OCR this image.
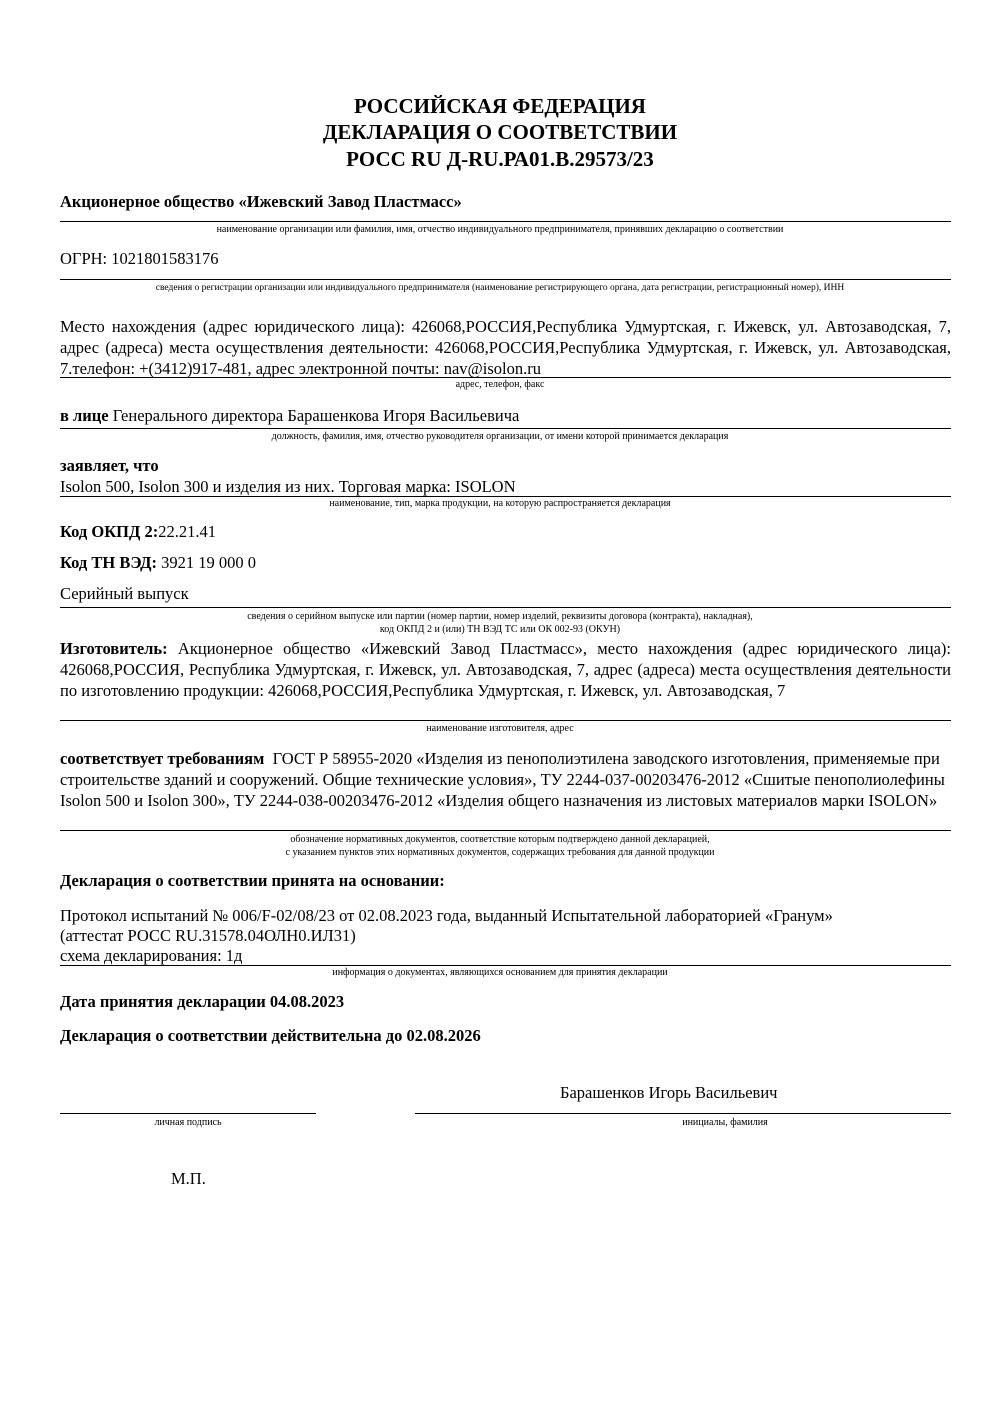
РОССИЙСКАЯ ФЕДЕРАЦИЯ
ДЕКЛАРАЦИЯ О СООТВЕТСТВИИ
РОСС RU Д-RU.РА01.В.29573/23
Акционерное общество «Ижевский Завод Пластмасс»
наименование организации или фамилия, имя, отчество индивидуального предпринимателя, принявших декларацию о соответствии
ОГРН: 1021801583176
сведения о регистрации организации или индивидуального предпринимателя (наименование регистрирующего органа, дата регистрации, регистрационный номер), ИНН
Место нахождения (адрес юридического лица): 426068,РОССИЯ,Республика Удмуртская, г. Ижевск, ул. Автозаводская, 7, адрес (адреса) места осуществления деятельности: 426068,РОССИЯ,Республика Удмуртская, г. Ижевск, ул. Автозаводская, 7.телефон: +(3412)917-481, адрес электронной почты: nav@isolon.ru
адрес, телефон, факс
в лице Генерального директора Барашенкова Игоря Васильевича
должность, фамилия, имя, отчество руководителя организации, от имени которой принимается декларация
заявляет, что
Isolon 500, Isolon 300 и изделия из них. Торговая марка: ISOLON
наименование, тип, марка продукции, на которую распространяется декларация
Код ОКПД 2:22.21.41
Код ТН ВЭД: 3921 19 000 0
Серийный выпуск
сведения о серийном выпуске или партии (номер партии, номер изделий, реквизиты договора (контракта), накладная),
код ОКПД 2 и (или) ТН ВЭД ТС или ОК 002-93 (ОКУН)
Изготовитель: Акционерное общество «Ижевский Завод Пластмасс», место нахождения (адрес юридического лица): 426068,РОССИЯ, Республика Удмуртская, г. Ижевск, ул. Автозаводская, 7, адрес (адреса) места осуществления деятельности по изготовлению продукции: 426068,РОССИЯ,Республика Удмуртская, г. Ижевск, ул. Автозаводская, 7
наименование изготовителя, адрес
соответствует требованиям  ГОСТ Р 58955-2020 «Изделия из пенополиэтилена заводского изготовления, применяемые при строительстве зданий и сооружений. Общие технические условия», ТУ 2244-037-00203476-2012 «Сшитые пенополиолефины Isolon 500 и Isolon 300», ТУ 2244-038-00203476-2012 «Изделия общего назначения из листовых материалов марки ISOLON»
обозначение нормативных документов, соответствие которым подтверждено данной декларацией,
с указанием пунктов этих нормативных документов, содержащих требования для данной продукции
Декларация о соответствии принята на основании:
Протокол испытаний № 006/F-02/08/23 от 02.08.2023 года, выданный Испытательной лабораторией «Гранум»
(аттестат РОСС RU.31578.04ОЛН0.ИЛ31)
схема декларирования: 1д
информация о документах, являющихся основанием для принятия декларации
Дата принятия декларации 04.08.2023
Декларация о соответствии действительна до 02.08.2026
Барашенков Игорь Васильевич
личная подпись	инициалы, фамилия
М.П.
